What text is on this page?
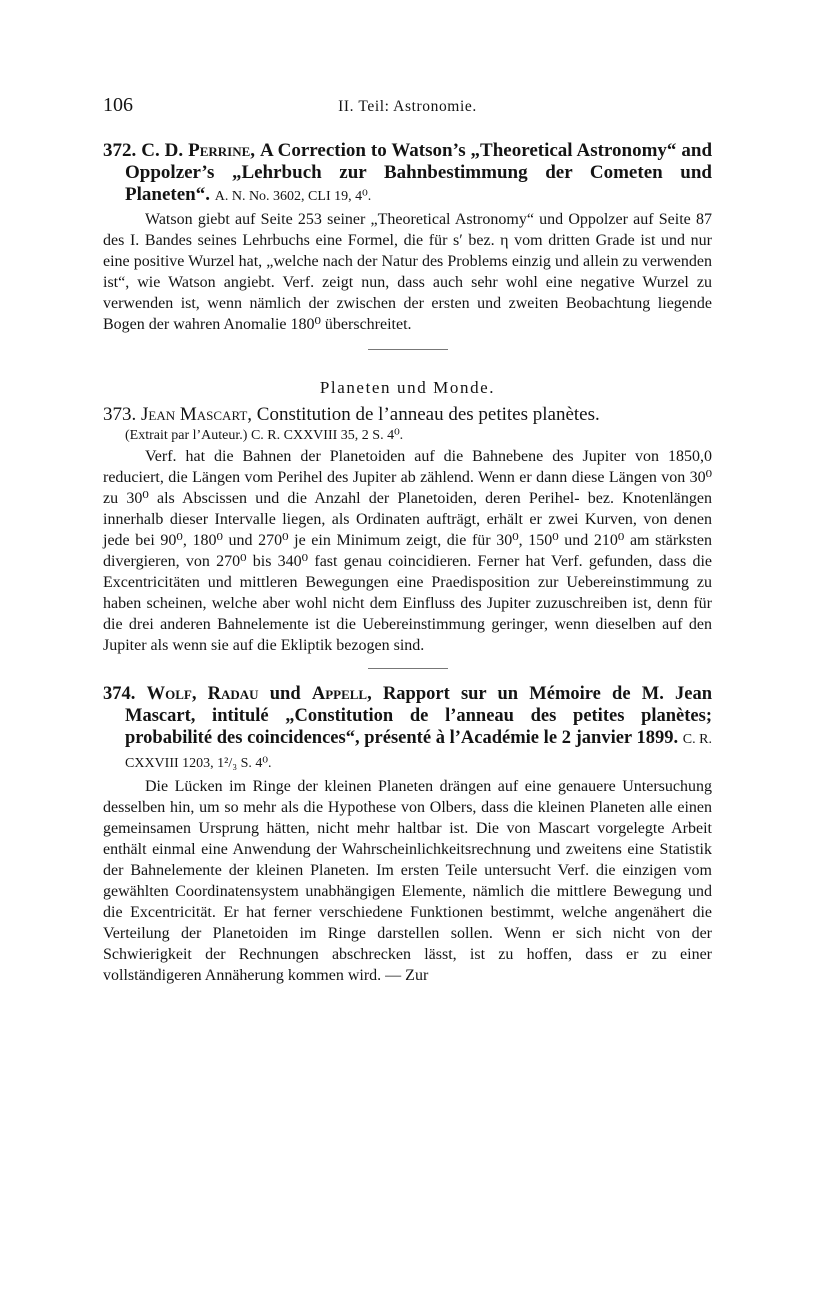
106	II. Teil: Astronomie.

372. C. D. Perrine, A Correction to Watson’s „Theoretical Astronomy“ and Oppolzer’s „Lehrbuch zur Bahnbestimmung der Cometen und Planeten“. A. N. No. 3602, CLI 19, 4⁰.

Watson giebt auf Seite 253 seiner „Theoretical Astronomy“ und Oppolzer auf Seite 87 des I. Bandes seines Lehrbuchs eine Formel, die für s′ bez. η vom dritten Grade ist und nur eine positive Wurzel hat, „welche nach der Natur des Problems einzig und allein zu verwenden ist“, wie Watson angiebt. Verf. zeigt nun, dass auch sehr wohl eine negative Wurzel zu verwenden ist, wenn nämlich der zwischen der ersten und zweiten Beobachtung liegende Bogen der wahren Anomalie 180⁰ überschreitet.

Planeten und Monde.

373. Jean Mascart, Constitution de l’anneau des petites planètes.

(Extrait par l’Auteur.) C. R. CXXVIII 35, 2 S. 4⁰.

Verf. hat die Bahnen der Planetoiden auf die Bahnebene des Jupiter von 1850,0 reduciert, die Längen vom Perihel des Jupiter ab zählend. Wenn er dann diese Längen von 30⁰ zu 30⁰ als Abscissen und die Anzahl der Planetoiden, deren Perihel- bez. Knotenlängen innerhalb dieser Intervalle liegen, als Ordinaten aufträgt, erhält er zwei Kurven, von denen jede bei 90⁰, 180⁰ und 270⁰ je ein Minimum zeigt, die für 30⁰, 150⁰ und 210⁰ am stärksten divergieren, von 270⁰ bis 340⁰ fast genau coincidieren. Ferner hat Verf. gefunden, dass die Excentricitäten und mittleren Bewegungen eine Praedisposition zur Uebereinstimmung zu haben scheinen, welche aber wohl nicht dem Einfluss des Jupiter zuzuschreiben ist, denn für die drei anderen Bahnelemente ist die Uebereinstimmung geringer, wenn dieselben auf den Jupiter als wenn sie auf die Ekliptik bezogen sind.

374. Wolf, Radau und Appell, Rapport sur un Mémoire de M. Jean Mascart, intitulé „Constitution de l’anneau des petites planètes; probabilité des coincidences“, présenté à l’Académie le 2 janvier 1899. C. R. CXXVIII 1203, 1²/₃ S. 4⁰.

Die Lücken im Ringe der kleinen Planeten drängen auf eine genauere Untersuchung desselben hin, um so mehr als die Hypothese von Olbers, dass die kleinen Planeten alle einen gemeinsamen Ursprung hätten, nicht mehr haltbar ist. Die von Mascart vorgelegte Arbeit enthält einmal eine Anwendung der Wahrscheinlichkeitsrechnung und zweitens eine Statistik der Bahnelemente der kleinen Planeten. Im ersten Teile untersucht Verf. die einzigen vom gewählten Coordinatensystem unabhängigen Elemente, nämlich die mittlere Bewegung und die Excentricität. Er hat ferner verschiedene Funktionen bestimmt, welche angenähert die Verteilung der Planetoiden im Ringe darstellen sollen. Wenn er sich nicht von der Schwierigkeit der Rechnungen abschrecken lässt, ist zu hoffen, dass er zu einer vollständigeren Annäherung kommen wird. — Zur
